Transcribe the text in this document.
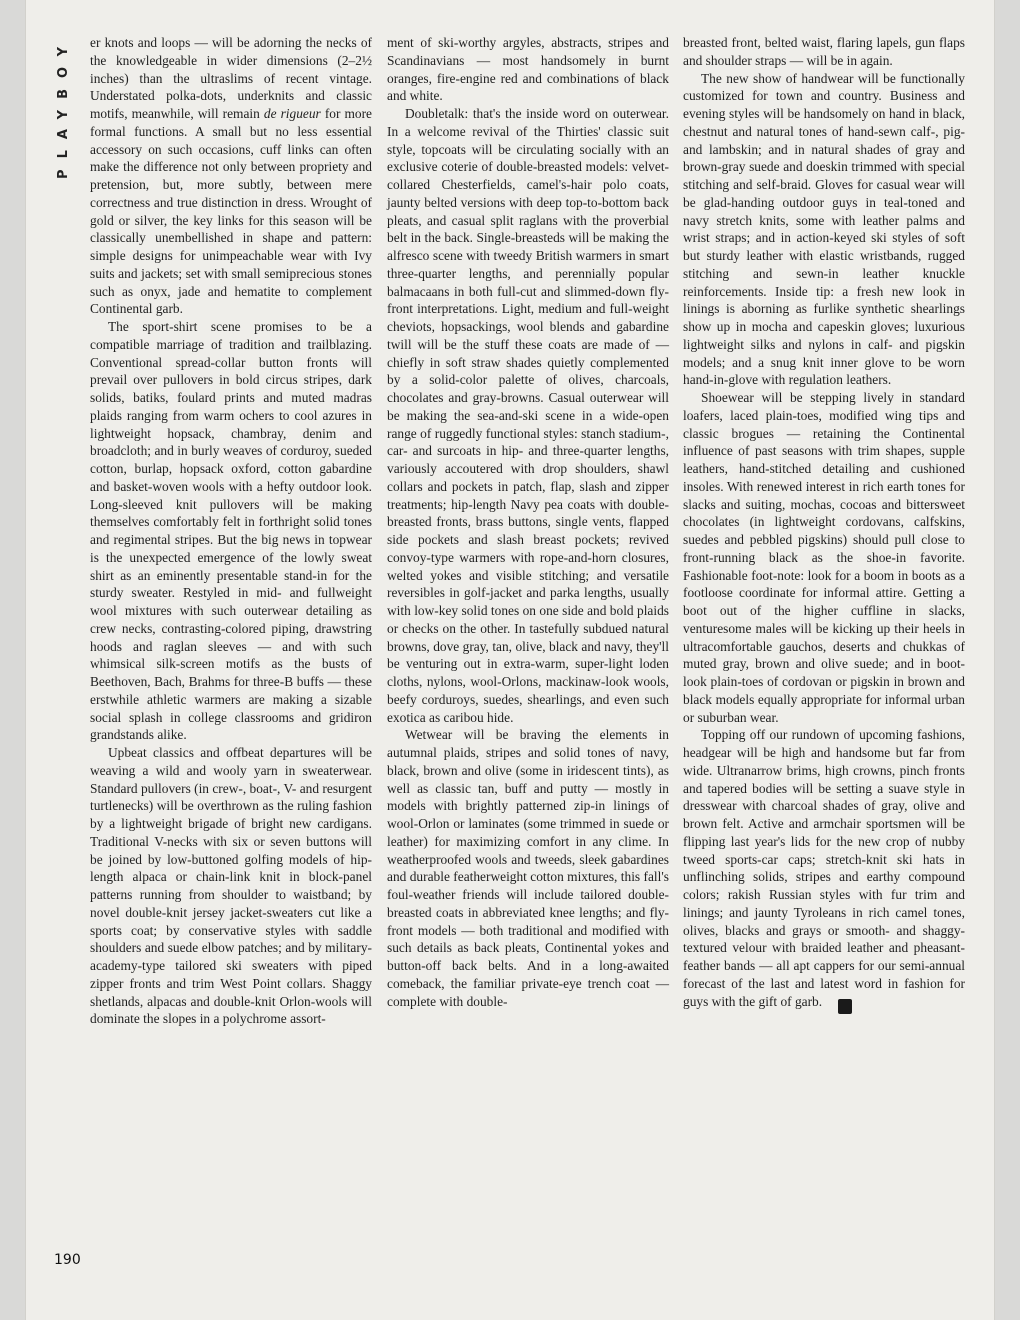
PLAYBOY
190

er knots and loops — will be adorning the necks of the knowledgeable in wider dimensions (2–2½ inches) than the ultraslims of recent vintage. Understated polka-dots, underknits and classic motifs, meanwhile, will remain de rigueur for more formal functions. A small but no less essential accessory on such occasions, cuff links can often make the difference not only between propriety and pretension, but, more subtly, between mere correctness and true distinction in dress. Wrought of gold or silver, the key links for this season will be classically unembellished in shape and pattern: simple designs for unimpeachable wear with Ivy suits and jackets; set with small semiprecious stones such as onyx, jade and hematite to complement Continental garb.

The sport-shirt scene promises to be a compatible marriage of tradition and trailblazing. Conventional spread-collar button fronts will prevail over pullovers in bold circus stripes, dark solids, batiks, foulard prints and muted madras plaids ranging from warm ochers to cool azures in lightweight hopsack, chambray, denim and broadcloth; and in burly weaves of corduroy, sueded cotton, burlap, hopsack oxford, cotton gabardine and basket-woven wools with a hefty outdoor look. Long-sleeved knit pullovers will be making themselves comfortably felt in forthright solid tones and regimental stripes. But the big news in topwear is the unexpected emergence of the lowly sweat shirt as an eminently presentable stand-in for the sturdy sweater. Restyled in mid- and fullweight wool mixtures with such outerwear detailing as crew necks, contrasting-colored piping, drawstring hoods and raglan sleeves — and with such whimsical silk-screen motifs as the busts of Beethoven, Bach, Brahms for three-B buffs — these erstwhile athletic warmers are making a sizable social splash in college classrooms and gridiron grandstands alike.

Upbeat classics and offbeat departures will be weaving a wild and wooly yarn in sweaterwear. Standard pullovers (in crew-, boat-, V- and resurgent turtlenecks) will be overthrown as the ruling fashion by a lightweight brigade of bright new cardigans. Traditional V-necks with six or seven buttons will be joined by low-buttoned golfing models of hip-length alpaca or chain-link knit in block-panel patterns running from shoulder to waistband; by novel double-knit jersey jacket-sweaters cut like a sports coat; by conservative styles with saddle shoulders and suede elbow patches; and by military-academy-type tailored ski sweaters with piped zipper fronts and trim West Point collars. Shaggy shetlands, alpacas and double-knit Orlon-wools will dominate the slopes in a polychrome assort-

ment of ski-worthy argyles, abstracts, stripes and Scandinavians — most handsomely in burnt oranges, fire-engine red and combinations of black and white.

Doubletalk: that's the inside word on outerwear. In a welcome revival of the Thirties' classic suit style, topcoats will be circulating socially with an exclusive coterie of double-breasted models: velvet-collared Chesterfields, camel's-hair polo coats, jaunty belted versions with deep top-to-bottom back pleats, and casual split raglans with the proverbial belt in the back. Single-breasteds will be making the alfresco scene with tweedy British warmers in smart three-quarter lengths, and perennially popular balmacaans in both full-cut and slimmed-down fly-front interpretations. Light, medium and full-weight cheviots, hopsackings, wool blends and gabardine twill will be the stuff these coats are made of — chiefly in soft straw shades quietly complemented by a solid-color palette of olives, charcoals, chocolates and gray-browns. Casual outerwear will be making the sea-and-ski scene in a wide-open range of ruggedly functional styles: stanch stadium-, car- and surcoats in hip- and three-quarter lengths, variously accoutered with drop shoulders, shawl collars and pockets in patch, flap, slash and zipper treatments; hip-length Navy pea coats with double-breasted fronts, brass buttons, single vents, flapped side pockets and slash breast pockets; revived convoy-type warmers with rope-and-horn closures, welted yokes and visible stitching; and versatile reversibles in golf-jacket and parka lengths, usually with low-key solid tones on one side and bold plaids or checks on the other. In tastefully subdued natural browns, dove gray, tan, olive, black and navy, they'll be venturing out in extra-warm, super-light loden cloths, nylons, wool-Orlons, mackinaw-look wools, beefy corduroys, suedes, shearlings, and even such exotica as caribou hide.

Wetwear will be braving the elements in autumnal plaids, stripes and solid tones of navy, black, brown and olive (some in iridescent tints), as well as classic tan, buff and putty — mostly in models with brightly patterned zip-in linings of wool-Orlon or laminates (some trimmed in suede or leather) for maximizing comfort in any clime. In weatherproofed wools and tweeds, sleek gabardines and durable featherweight cotton mixtures, this fall's foul-weather friends will include tailored double-breasted coats in abbreviated knee lengths; and fly-front models — both traditional and modified with such details as back pleats, Continental yokes and button-off back belts. And in a long-awaited comeback, the familiar private-eye trench coat — complete with double-

breasted front, belted waist, flaring lapels, gun flaps and shoulder straps — will be in again.

The new show of handwear will be functionally customized for town and country. Business and evening styles will be handsomely on hand in black, chestnut and natural tones of hand-sewn calf-, pig- and lambskin; and in natural shades of gray and brown-gray suede and doeskin trimmed with special stitching and self-braid. Gloves for casual wear will be glad-handing outdoor guys in teal-toned and navy stretch knits, some with leather palms and wrist straps; and in action-keyed ski styles of soft but sturdy leather with elastic wristbands, rugged stitching and sewn-in leather knuckle reinforcements. Inside tip: a fresh new look in linings is aborning as furlike synthetic shearlings show up in mocha and capeskin gloves; luxurious lightweight silks and nylons in calf- and pigskin models; and a snug knit inner glove to be worn hand-in-glove with regulation leathers.

Shoewear will be stepping lively in standard loafers, laced plain-toes, modified wing tips and classic brogues — retaining the Continental influence of past seasons with trim shapes, supple leathers, hand-stitched detailing and cushioned insoles. With renewed interest in rich earth tones for slacks and suiting, mochas, cocoas and bittersweet chocolates (in lightweight cordovans, calfskins, suedes and pebbled pigskins) should pull close to front-running black as the shoe-in favorite. Fashionable foot-note: look for a boom in boots as a footloose coordinate for informal attire. Getting a boot out of the higher cuffline in slacks, venturesome males will be kicking up their heels in ultracomfortable gauchos, deserts and chukkas of muted gray, brown and olive suede; and in boot-look plain-toes of cordovan or pigskin in brown and black models equally appropriate for informal urban or suburban wear.

Topping off our rundown of upcoming fashions, headgear will be high and handsome but far from wide. Ultranarrow brims, high crowns, pinch fronts and tapered bodies will be setting a suave style in dresswear with charcoal shades of gray, olive and brown felt. Active and armchair sportsmen will be flipping last year's lids for the new crop of nubby tweed sports-car caps; stretch-knit ski hats in unflinching solids, stripes and earthy compound colors; rakish Russian styles with fur trim and linings; and jaunty Tyroleans in rich camel tones, olives, blacks and grays or smooth- and shaggy-textured velour with braided leather and pheasant-feather bands — all apt cappers for our semi-annual forecast of the last and latest word in fashion for guys with the gift of garb.	♠
